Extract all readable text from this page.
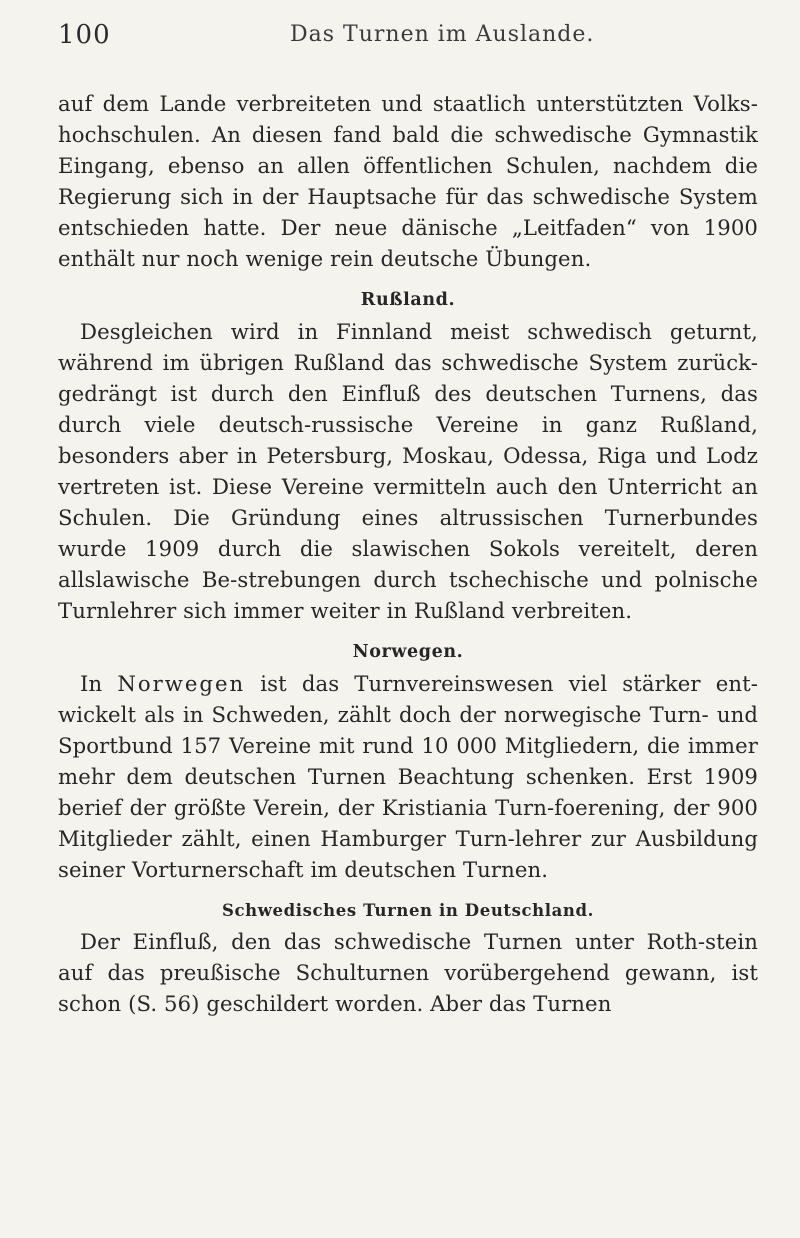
100	Das Turnen im Auslande.

auf dem Lande verbreiteten und staatlich unterstützten Volks-hochschulen. An diesen fand bald die schwedische Gymnastik Eingang, ebenso an allen öffentlichen Schulen, nachdem die Regierung sich in der Hauptsache für das schwedische System entschieden hatte. Der neue dänische „Leitfaden“ von 1900 enthält nur noch wenige rein deutsche Übungen.

Rußland.

Desgleichen wird in Finnland meist schwedisch geturnt, während im übrigen Rußland das schwedische System zurück-gedrängt ist durch den Einfluß des deutschen Turnens, das durch viele deutsch-russische Vereine in ganz Rußland, besonders aber in Petersburg, Moskau, Odessa, Riga und Lodz vertreten ist. Diese Vereine vermitteln auch den Unterricht an Schulen. Die Gründung eines altrussischen Turnerbundes wurde 1909 durch die slawischen Sokols vereitelt, deren allslawische Be-strebungen durch tschechische und polnische Turnlehrer sich immer weiter in Rußland verbreiten.

Norwegen.

In Norwegen ist das Turnvereinswesen viel stärker ent-wickelt als in Schweden, zählt doch der norwegische Turn- und Sportbund 157 Vereine mit rund 10 000 Mitgliedern, die immer mehr dem deutschen Turnen Beachtung schenken. Erst 1909 berief der größte Verein, der Kristiania Turn-foerening, der 900 Mitglieder zählt, einen Hamburger Turn-lehrer zur Ausbildung seiner Vorturnerschaft im deutschen Turnen.

Schwedisches Turnen in Deutschland.

Der Einfluß, den das schwedische Turnen unter Roth-stein auf das preußische Schulturnen vorübergehend gewann, ist schon (S. 56) geschildert worden. Aber das Turnen
